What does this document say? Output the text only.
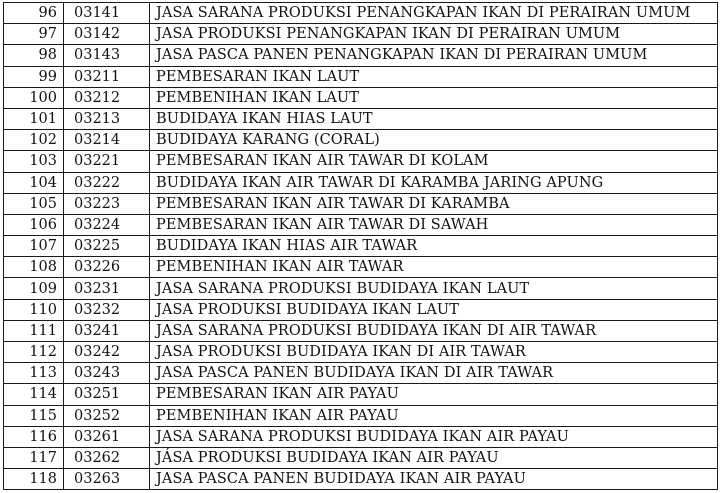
96	03141	JASA SARANA PRODUKSI PENANGKAPAN IKAN DI PERAIRAN UMUM
97	03142	JASA PRODUKSI PENANGKAPAN IKAN DI PERAIRAN UMUM
98	03143	JASA PASCA PANEN PENANGKAPAN IKAN DI PERAIRAN UMUM
99	03211	PEMBESARAN IKAN LAUT
100	03212	PEMBENIHAN IKAN LAUT
101	03213	BUDIDAYA IKAN HIAS LAUT
102	03214	BUDIDAYA KARANG (CORAL)
103	03221	PEMBESARAN IKAN AIR TAWAR DI KOLAM
104	03222	BUDIDAYA IKAN AIR TAWAR DI KARAMBA JARING APUNG
105	03223	PEMBESARAN IKAN AIR TAWAR DI KARAMBA
106	03224	PEMBESARAN IKAN AIR TAWAR DI SAWAH
107	03225	BUDIDAYA IKAN HIAS AIR TAWAR
108	03226	PEMBENIHAN IKAN AIR TAWAR
109	03231	JASA SARANA PRODUKSI BUDIDAYA IKAN LAUT
110	03232	JASA PRODUKSI BUDIDAYA IKAN LAUT
111	03241	JASA SARANA PRODUKSI BUDIDAYA IKAN DI AIR TAWAR
112	03242	JASA PRODUKSI BUDIDAYA IKAN DI AIR TAWAR
113	03243	JASA PASCA PANEN BUDIDAYA IKAN DI AIR TAWAR
114	03251	PEMBESARAN IKAN AIR PAYAU
115	03252	PEMBENIHAN IKAN AIR PAYAU
116	03261	JASA SARANA PRODUKSI BUDIDAYA IKAN AIR PAYAU
117	03262	JÁSA PRODUKSI BUDIDAYA IKAN AIR PAYAU
118	03263	JASA PASCA PANEN BUDIDAYA IKAN AIR PAYAU
